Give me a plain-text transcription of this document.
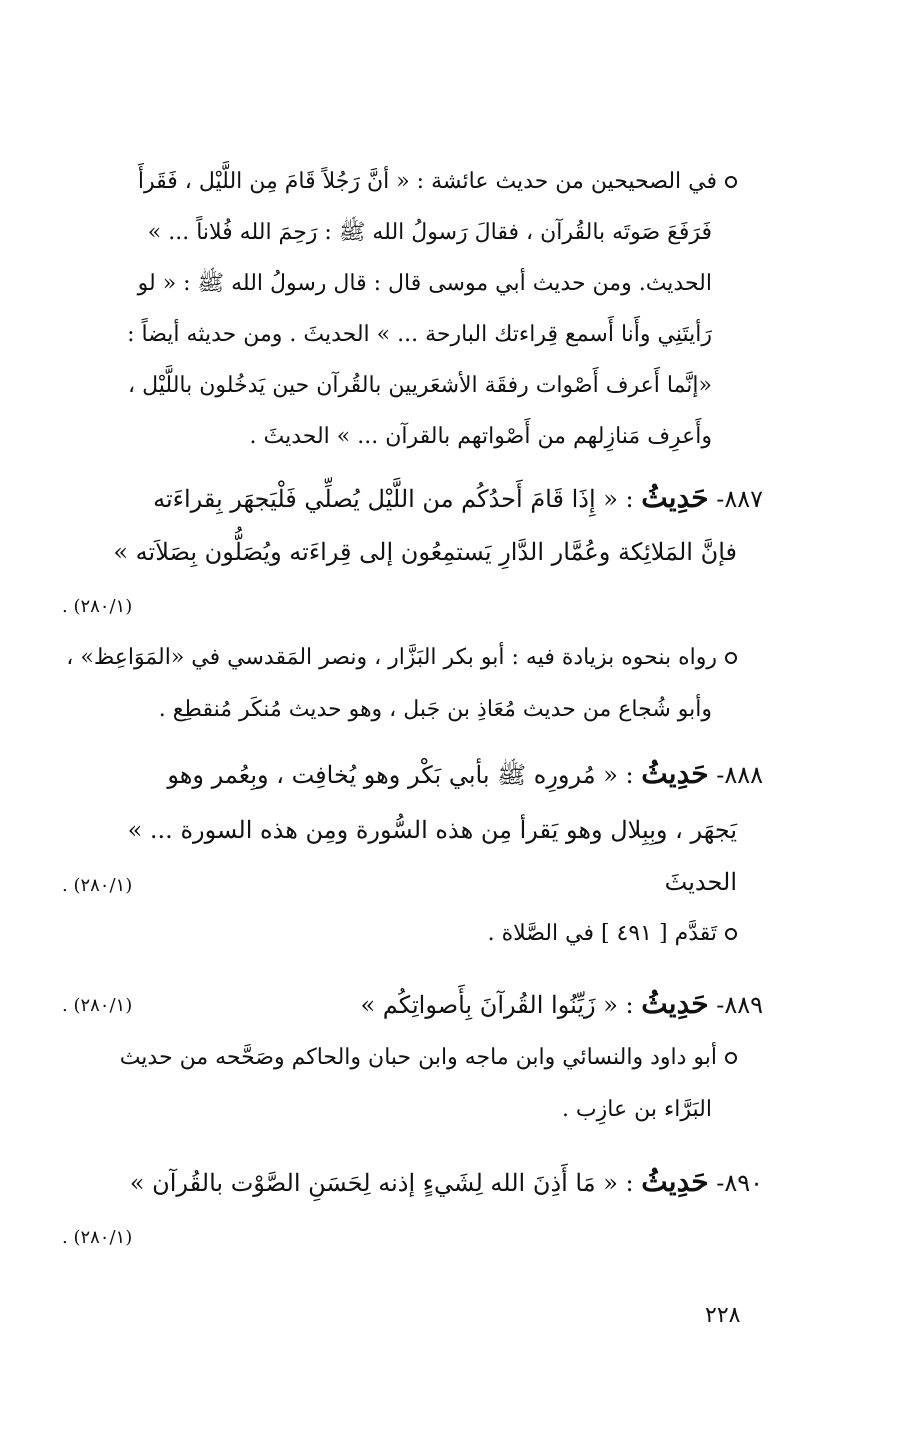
في الصحيحين من حديث عائشة : « أنَّ رَجُلاً قَامَ مِن اللَّيْل ، فَقَرأَ
فَرَفَعَ صَوتَه بالقُرآن ، فقالَ رَسولُ الله ﷺ : رَحِمَ الله فُلاناً ... »
الحديث. ومن حديث أبي موسى قال : قال رسولُ الله ﷺ : « لو
رَأيتَنِي وأَنا أَسمع قِراءتك البارحة ... » الحديثَ . ومن حديثه أيضاً :
«إنَّما أَعرف أَصْوات رفقَة الأشعَريين بالقُرآن حين يَدخُلون باللَّيْل ،
وأَعرِف مَنازِلهم من أَصْواتهم بالقرآن ... » الحديثَ .
٨٨٧- حَدِيثُ : « إِذَا قَامَ أَحدُكُم من اللَّيْل يُصلِّي فَلْيَجهَر بِقراءَته
فإنَّ المَلائِكة وعُمَّار الدَّارِ يَستمِعُون إلى قِراءَته ويُصَلُّون بِصَلاَته »
(٢٨٠/١) .
رواه بنحوه بزيادة فيه : أبو بكر البَزَّار ، ونصر المَقدسي في «المَوَاعِظ» ،
وأبو شُجاع من حديث مُعَاذِ بن جَبل ، وهو حديث مُنكَر مُنقطِع .
٨٨٨- حَدِيثُ : « مُرورِه ﷺ بأبي بَكْر وهو يُخافِت ، وبِعُمر وهو
يَجهَر ، وبِبِلال وهو يَقرأ مِن هذه السُّورة ومِن هذه السورة ... »
الحديثَ
(٢٨٠/١) .
تَقدَّم [ ٤٩١ ] في الصَّلاة .
٨٨٩- حَدِيثُ : « زَيِّنُوا القُرآنَ بِأَصواتِكُم »
(٢٨٠/١) .
أبو داود والنسائي وابن ماجه وابن حبان والحاكم وصَحَّحه من حديث
البَرَّاء بن عازِب .
٨٩٠- حَدِيثُ : « مَا أَذِنَ الله لِشَيءٍ إذنه لِحَسَنِ الصَّوْت بالقُرآن »
(٢٨٠/١) .
٢٢٨
